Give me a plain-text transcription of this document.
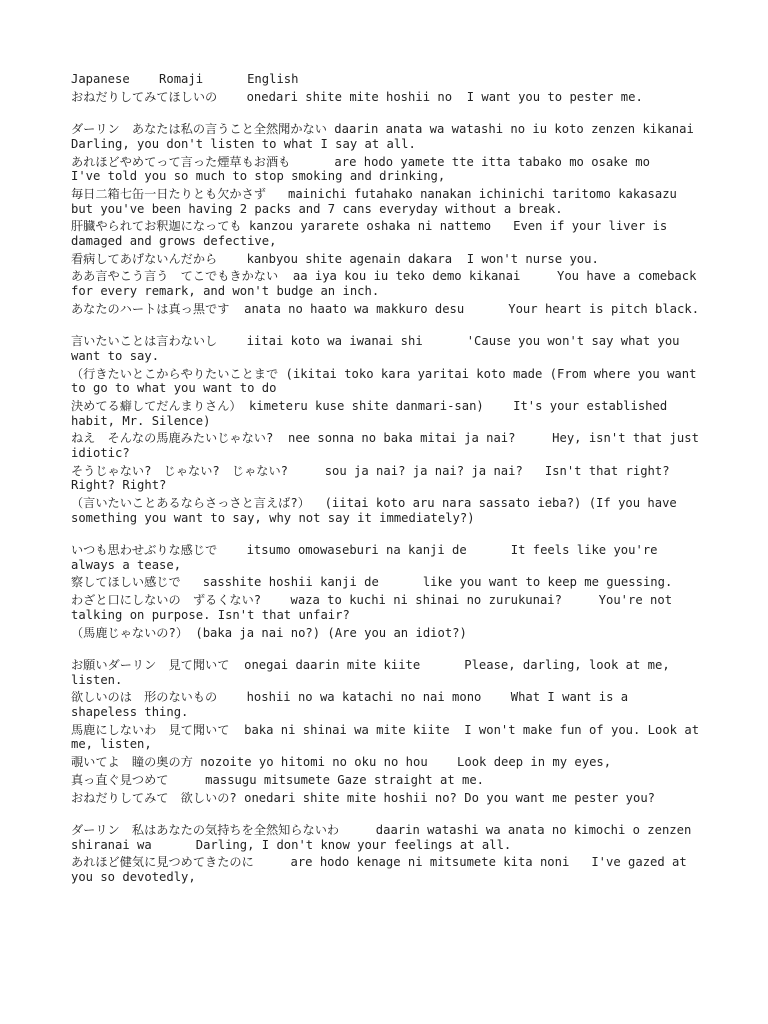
Japanese    Romaji      English
おねだりしてみてほしいの    onedari shite mite hoshii no  I want you to pester me.
ダーリン　あなたは私の言うこと全然聞かない daarin anata wa watashi no iu koto zenzen kikanai     Darling, you don't listen to what I say at all.
あれほどやめてって言った煙草もお酒も      are hodo yamete tte itta tabako mo osake mo        I've told you so much to stop smoking and drinking,
毎日二箱七缶一日たりとも欠かさず   mainichi futahako nanakan ichinichi taritomo kakasazu        but you've been having 2 packs and 7 cans everyday without a break.
肝臓やられてお釈迦になっても kanzou yararete oshaka ni nattemo   Even if your liver is damaged and grows defective,
看病してあげないんだから    kanbyou shite agenain dakara  I won't nurse you.
ああ言やこう言う　てこでもきかない  aa iya kou iu teko demo kikanai     You have a comeback for every remark, and won't budge an inch.
あなたのハートは真っ黒です  anata no haato wa makkuro desu      Your heart is pitch black.
言いたいことは言わないし    iitai koto wa iwanai shi      'Cause you won't say what you want to say.
（行きたいとこからやりたいことまで (ikitai toko kara yaritai koto made (From where you want to go to what you want to do
決めてる癖してだんまりさん） kimeteru kuse shite danmari-san)    It's your established habit, Mr. Silence)
ねえ　そんなの馬鹿みたいじゃない?  nee sonna no baka mitai ja nai?     Hey, isn't that just idiotic?
そうじゃない?　じゃない?　じゃない?     sou ja nai? ja nai? ja nai?   Isn't that right? Right? Right?
（言いたいことあるならさっさと言えば?）  (iitai koto aru nara sassato ieba?) (If you have something you want to say, why not say it immediately?)
いつも思わせぶりな感じで    itsumo omowaseburi na kanji de      It feels like you're always a tease,
察してほしい感じで   sasshite hoshii kanji de      like you want to keep me guessing.
わざと口にしないの　ずるくない?    waza to kuchi ni shinai no zurukunai?     You're not talking on purpose. Isn't that unfair?
（馬鹿じゃないの?） (baka ja nai no?) (Are you an idiot?)
お願いダーリン　見て聞いて  onegai daarin mite kiite      Please, darling, look at me, listen.
欲しいのは　形のないもの    hoshii no wa katachi no nai mono    What I want is a shapeless thing.
馬鹿にしないわ　見て聞いて  baka ni shinai wa mite kiite  I won't make fun of you. Look at me, listen,
覗いてよ　瞳の奥の方 nozoite yo hitomi no oku no hou    Look deep in my eyes,
真っ直ぐ見つめて     massugu mitsumete Gaze straight at me.
おねだりしてみて　欲しいの? onedari shite mite hoshii no? Do you want me pester you?
ダーリン　私はあなたの気持ちを全然知らないわ     daarin watashi wa anata no kimochi o zenzen shiranai wa      Darling, I don't know your feelings at all.
あれほど健気に見つめてきたのに     are hodo kenage ni mitsumete kita noni   I've gazed at you so devotedly,
